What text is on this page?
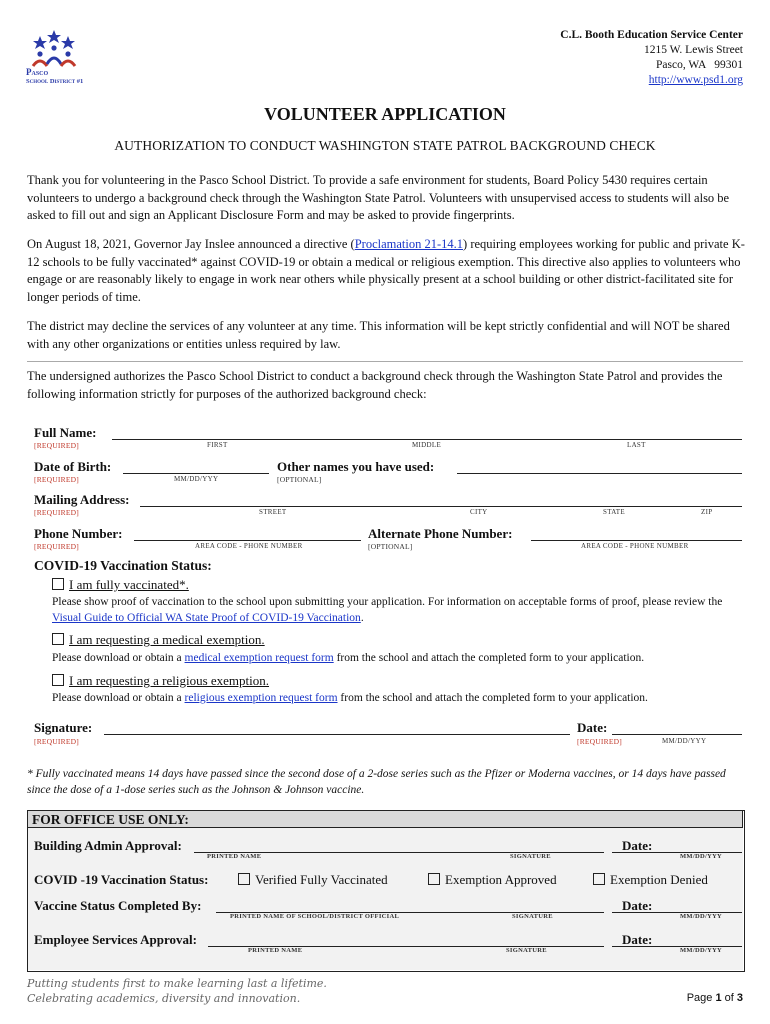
Pasco
School District #1
C.L. Booth Education Service Center
1215 W. Lewis Street
Pasco, WA   99301
http://www.psd1.org
VOLUNTEER APPLICATION
AUTHORIZATION TO CONDUCT WASHINGTON STATE PATROL BACKGROUND CHECK
Thank you for volunteering in the Pasco School District. To provide a safe environment for students, Board Policy 5430 requires certain volunteers to undergo a background check through the Washington State Patrol. Volunteers with unsupervised access to students will also be asked to fill out and sign an Applicant Disclosure Form and may be asked to provide fingerprints.
On August 18, 2021, Governor Jay Inslee announced a directive (Proclamation 21-14.1) requiring employees working for public and private K-12 schools to be fully vaccinated* against COVID-19 or obtain a medical or religious exemption. This directive also applies to volunteers who engage or are reasonably likely to engage in work near others while physically present at a school building or other district-facilitated site for longer periods of time.
The district may decline the services of any volunteer at any time. This information will be kept strictly confidential and will NOT be shared with any other organizations or entities unless required by law.
The undersigned authorizes the Pasco School District to conduct a background check through the Washington State Patrol and provides the following information strictly for purposes of the authorized background check:
Full Name:
[REQUIRED]	FIRST	MIDDLE	LAST
Date of Birth:
[REQUIRED]	MM/DD/YYY
Other names you have used:
[OPTIONAL]
Mailing Address:
[REQUIRED]	STREET	CITY	STATE	ZIP
Phone Number:
[REQUIRED]	AREA CODE - PHONE NUMBER
Alternate Phone Number:
[OPTIONAL]	AREA CODE - PHONE NUMBER
COVID-19 Vaccination Status:
I am fully vaccinated*.
Please show proof of vaccination to the school upon submitting your application. For information on acceptable forms of proof, please review the Visual Guide to Official WA State Proof of COVID-19 Vaccination.
I am requesting a medical exemption.
Please download or obtain a medical exemption request form from the school and attach the completed form to your application.
I am requesting a religious exemption.
Please download or obtain a religious exemption request form from the school and attach the completed form to your application.
Signature:
[REQUIRED]
Date:
[REQUIRED]	MM/DD/YYY
* Fully vaccinated means 14 days have passed since the second dose of a 2-dose series such as the Pfizer or Moderna vaccines, or 14 days have passed since the dose of a 1-dose series such as the Johnson & Johnson vaccine.
FOR OFFICE USE ONLY:
Building Admin Approval:
PRINTED NAME	SIGNATURE
Date:
MM/DD/YYY
COVID -19 Vaccination Status:	Verified Fully Vaccinated	Exemption Approved	Exemption Denied
Vaccine Status Completed By:
PRINTED NAME OF SCHOOL/DISTRICT OFFICIAL	SIGNATURE
Date:
MM/DD/YYY
Employee Services Approval:
PRINTED NAME	SIGNATURE
Date:
MM/DD/YYY
Putting students first to make learning last a lifetime.
Celebrating academics, diversity and innovation.	Page 1 of 3
